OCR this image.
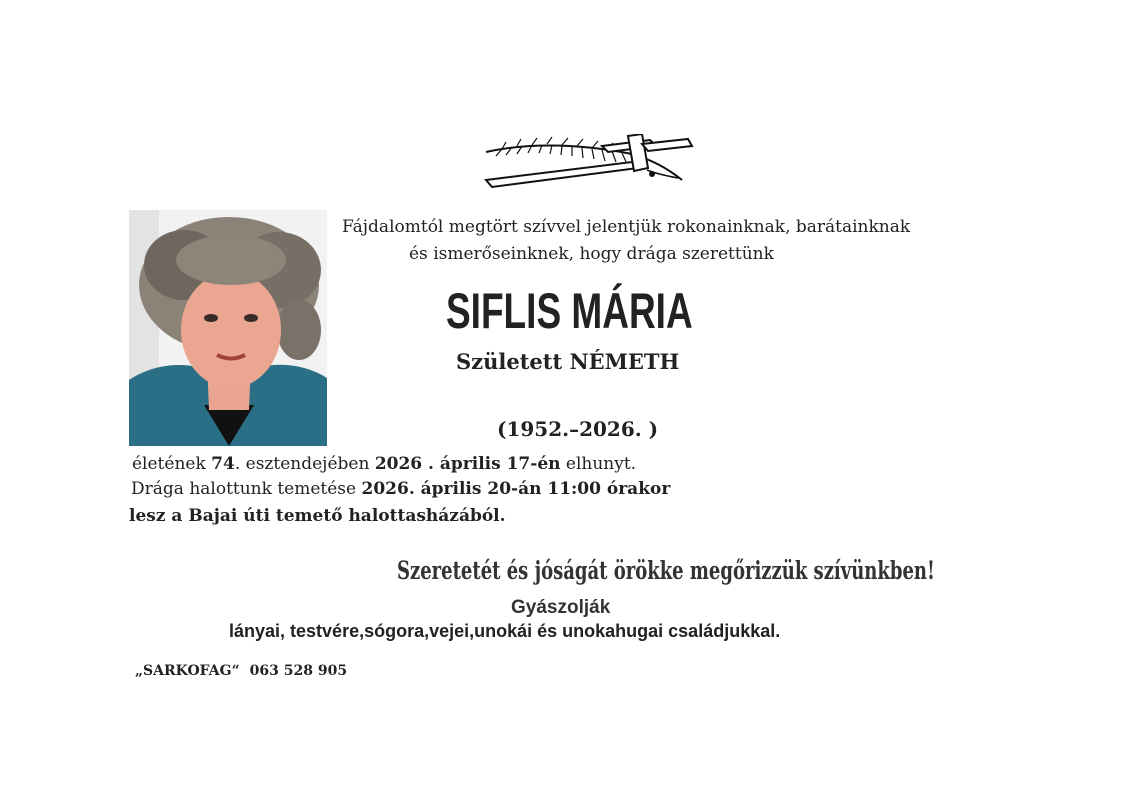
Fájdalomtól megtört szívvel jelentjük rokonainknak, barátainknak
és ismerőseinknek, hogy drága szerettünk
SIFLIS MÁRIA
Született NÉMETH
(1952.–2026. )
életének 74. esztendejében 2026 . április 17-én elhunyt.
Drága halottunk temetése 2026. április 20-án 11:00 órakor
lesz a Bajai úti temető halottasházából.
Szeretetét és jóságát örökke megőrizzük szívünkben!
Gyászolják
lányai, testvére,sógora,vejei,unokái és unokahugai családjukkal.
„SARKOFAG“ 063 528 905
